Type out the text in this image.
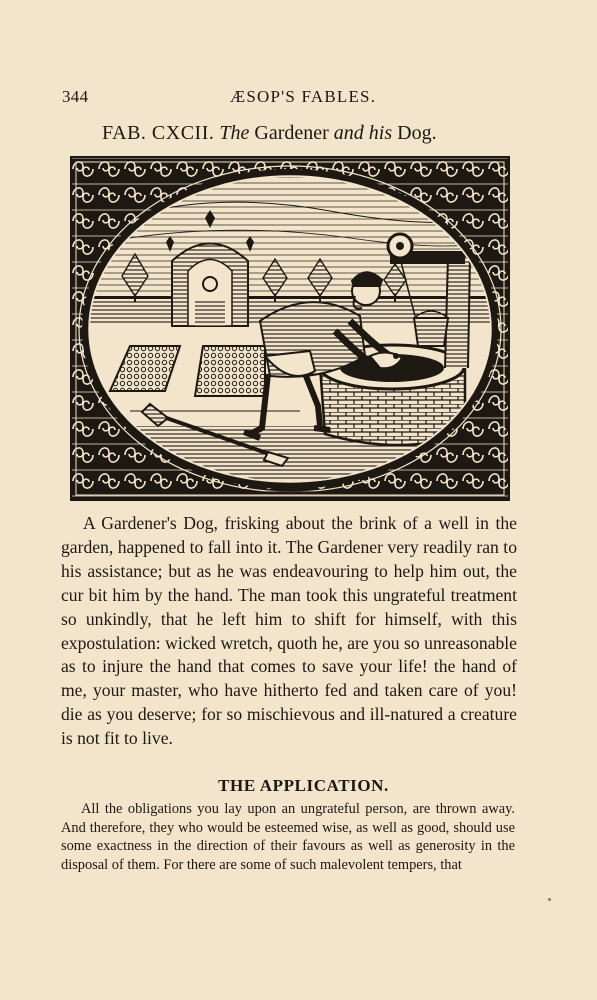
344	ÆSOP'S FABLES.
FAB. CXCII. The Gardener and his Dog.

A Gardener's Dog, frisking about the brink of a well in the garden, happened to fall into it. The Gardener very readily ran to his assistance; but as he was endeavouring to help him out, the cur bit him by the hand. The man took this ungrateful treatment so unkindly, that he left him to shift for himself, with this expostulation: wicked wretch, quoth he, are you so unreasonable as to injure the hand that comes to save your life! the hand of me, your master, who have hitherto fed and taken care of you! die as you deserve; for so mischievous and ill-natured a creature is not fit to live.

THE APPLICATION.

All the obligations you lay upon an ungrateful person, are thrown away. And therefore, they who would be esteemed wise, as well as good, should use some exactness in the direction of their favours as well as generosity in the disposal of them. For there are some of such malevolent tempers, that
